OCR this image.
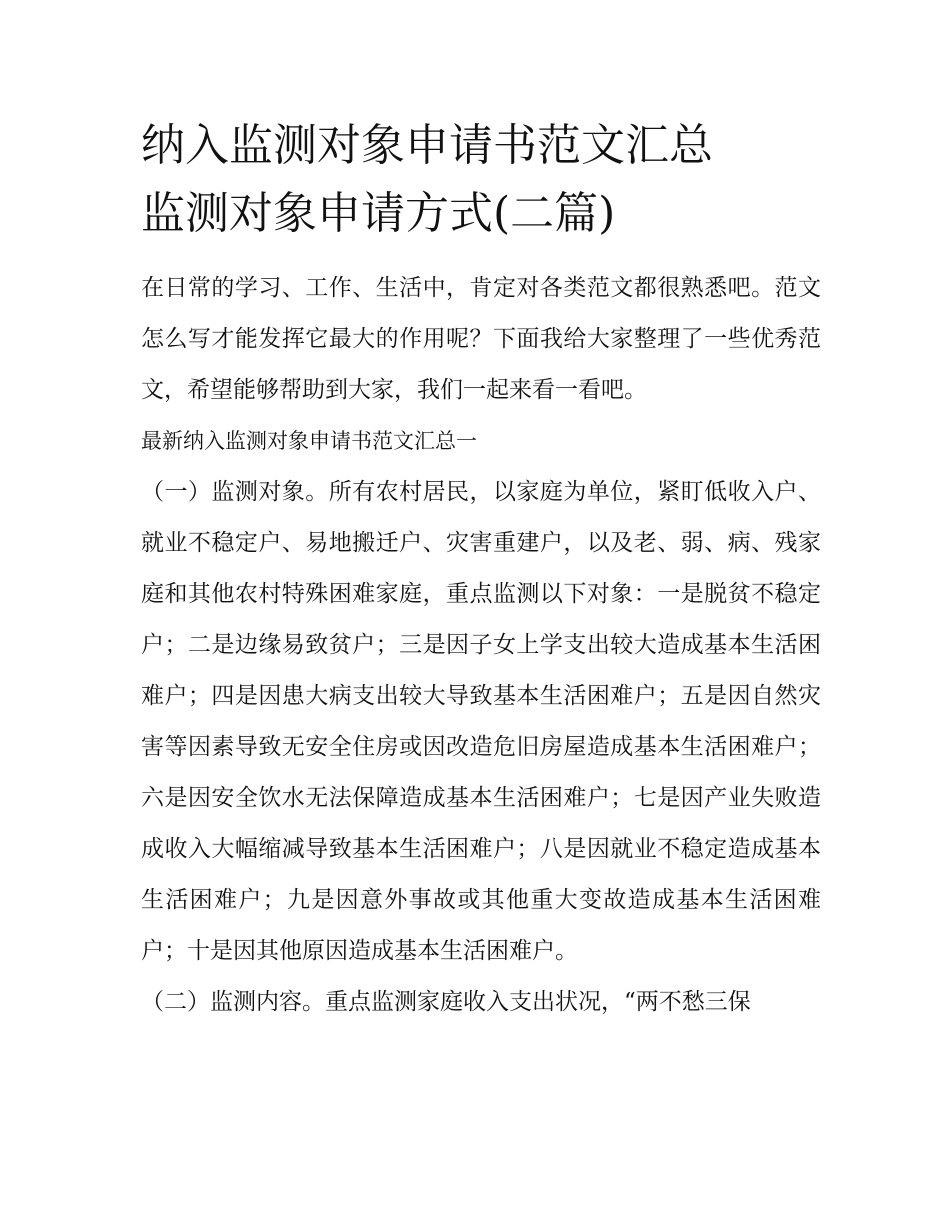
纳入监测对象申请书范文汇总
监测对象申请方式(二篇)

在日常的学习、工作、生活中，肯定对各类范文都很熟悉吧。范文怎么写才能发挥它最大的作用呢？下面我给大家整理了一些优秀范文，希望能够帮助到大家，我们一起来看一看吧。

最新纳入监测对象申请书范文汇总一

（一）监测对象。所有农村居民，以家庭为单位，紧盯低收入户、就业不稳定户、易地搬迁户、灾害重建户，以及老、弱、病、残家庭和其他农村特殊困难家庭，重点监测以下对象：一是脱贫不稳定户；二是边缘易致贫户；三是因子女上学支出较大造成基本生活困难户；四是因患大病支出较大导致基本生活困难户；五是因自然灾害等因素导致无安全住房或因改造危旧房屋造成基本生活困难户；六是因安全饮水无法保障造成基本生活困难户；七是因产业失败造成收入大幅缩减导致基本生活困难户；八是因就业不稳定造成基本生活困难户；九是因意外事故或其他重大变故造成基本生活困难户；十是因其他原因造成基本生活困难户。

（二）监测内容。重点监测家庭收入支出状况，“两不愁三保
